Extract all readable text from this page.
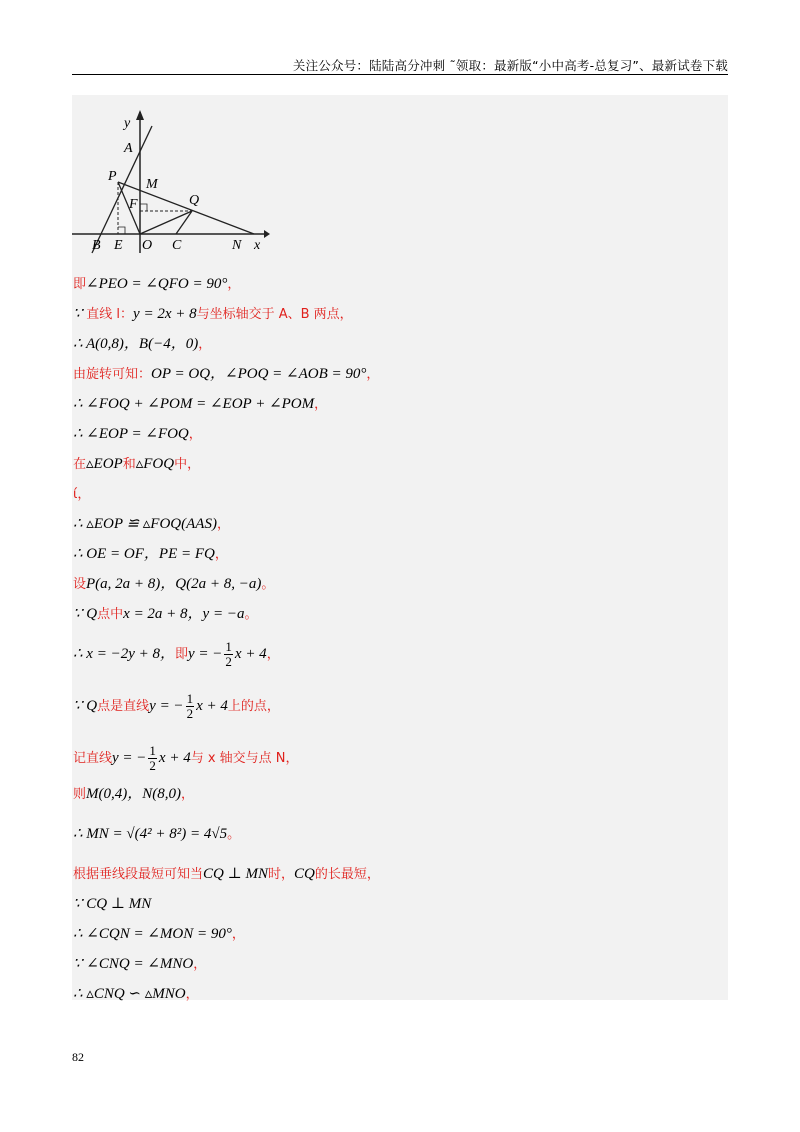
关注公众号：陆陆高分冲刺 ˜领取：最新版“小中高考-总复习”、最新试卷下载
y
A
P
M
F	Q
B E O C	N x
即∠PEO = ∠QFO = 90°，
∵ 直线 l：y = 2x + 8与坐标轴交于 A、B 两点，
∴ A(0,8)，B(−4，0)，
由旋转可知：OP = OQ，∠POQ = ∠AOB = 90°，
∴ ∠FOQ + ∠POM = ∠EOP + ∠POM，
∴ ∠EOP = ∠FOQ，
在▵EOP和▵FOQ中，
ί，
∴ ▵EOP ≌ ▵FOQ(AAS)，
∴ OE = OF，PE = FQ，
设P(a, 2a + 8)，Q(2a + 8, −a)。
∵ Q点中x = 2a + 8，y = −a。
∴ x = −2y + 8，即y = − $\frac{1}{2}$ x + 4，
∵ Q点是直线y = − $\frac{1}{2}$ x + 4上的点，
记直线y = − $\frac{1}{2}$ x + 4与 x 轴交与点 N，
则M(0,4)，N(8,0)，
∴ MN = √(4² + 8²) = 4√5。
根据垂线段最短可知当CQ ⊥ MN时，CQ的长最短，
∵ CQ ⊥ MN
∴ ∠CQN = ∠MON = 90°，
∵ ∠CNQ = ∠MNO，
∴ ▵CNQ ∽ ▵MNO，
82
